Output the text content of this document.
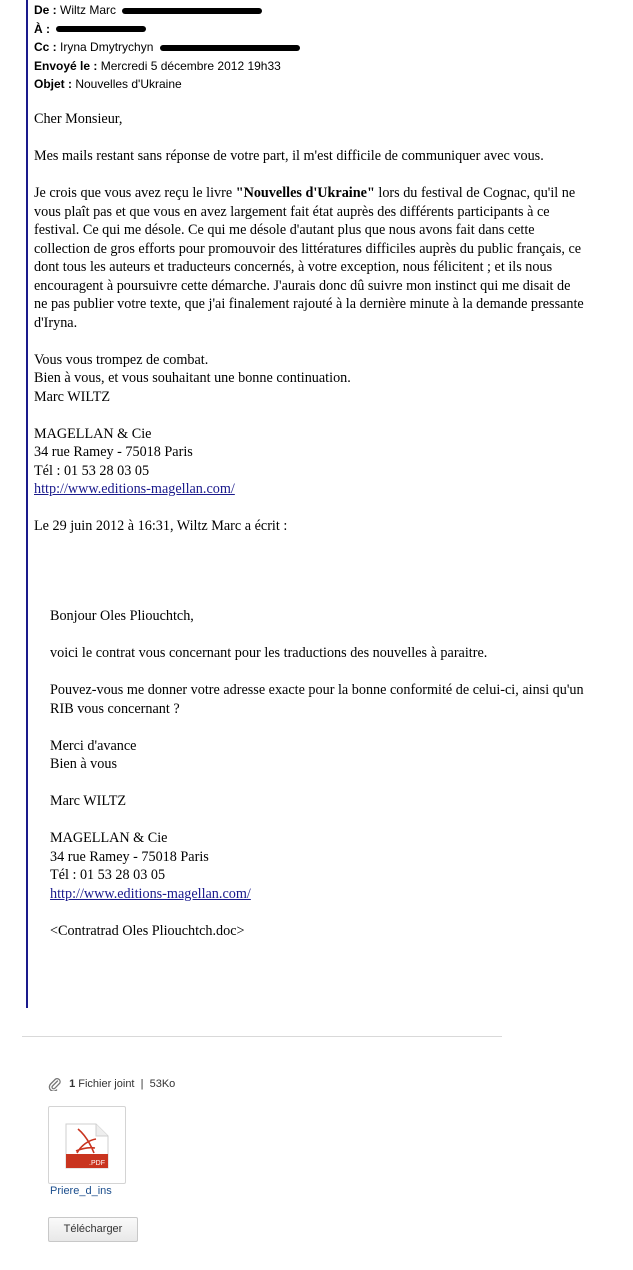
De : Wiltz Marc
À :
Cc : Iryna Dmytrychyn
Envoyé le : Mercredi 5 décembre 2012 19h33
Objet : Nouvelles d'Ukraine

Cher Monsieur,

Mes mails restant sans réponse de votre part, il m'est difficile de communiquer avec vous.

Je crois que vous avez reçu le livre "Nouvelles d'Ukraine" lors du festival de Cognac, qu'il ne vous plaît pas et que vous en avez largement fait état auprès des différents participants à ce festival. Ce qui me désole. Ce qui me désole d'autant plus que nous avons fait dans cette collection de gros efforts pour promouvoir des littératures difficiles auprès du public français, ce dont tous les auteurs et traducteurs concernés, à votre exception, nous félicitent ; et ils nous encouragent à poursuivre cette démarche. J'aurais donc dû suivre mon instinct qui me disait de ne pas publier votre texte, que j'ai finalement rajouté à la dernière minute à la demande pressante d'Iryna.

Vous vous trompez de combat.

Bien à vous, et vous souhaitant une bonne continuation.

Marc WILTZ

MAGELLAN & Cie

34 rue Ramey - 75018 Paris

Tél : 01 53 28 03 05

http://www.editions-magellan.com/

Le 29 juin 2012 à 16:31, Wiltz Marc a écrit :

Bonjour Oles Pliouchtch,

voici le contrat vous concernant pour les traductions des nouvelles à paraitre.

Pouvez-vous me donner votre adresse exacte pour la bonne conformité de celui-ci, ainsi qu'un RIB vous concernant ?

Merci d'avance

Bien à vous

Marc WILTZ

MAGELLAN & Cie

34 rue Ramey - 75018 Paris

Tél : 01 53 28 03 05

http://www.editions-magellan.com/

<Contratrad Oles Pliouchtch.doc>

1 Fichier joint | 53Ko
.PDF
Priere_d_ins
Télécharger
